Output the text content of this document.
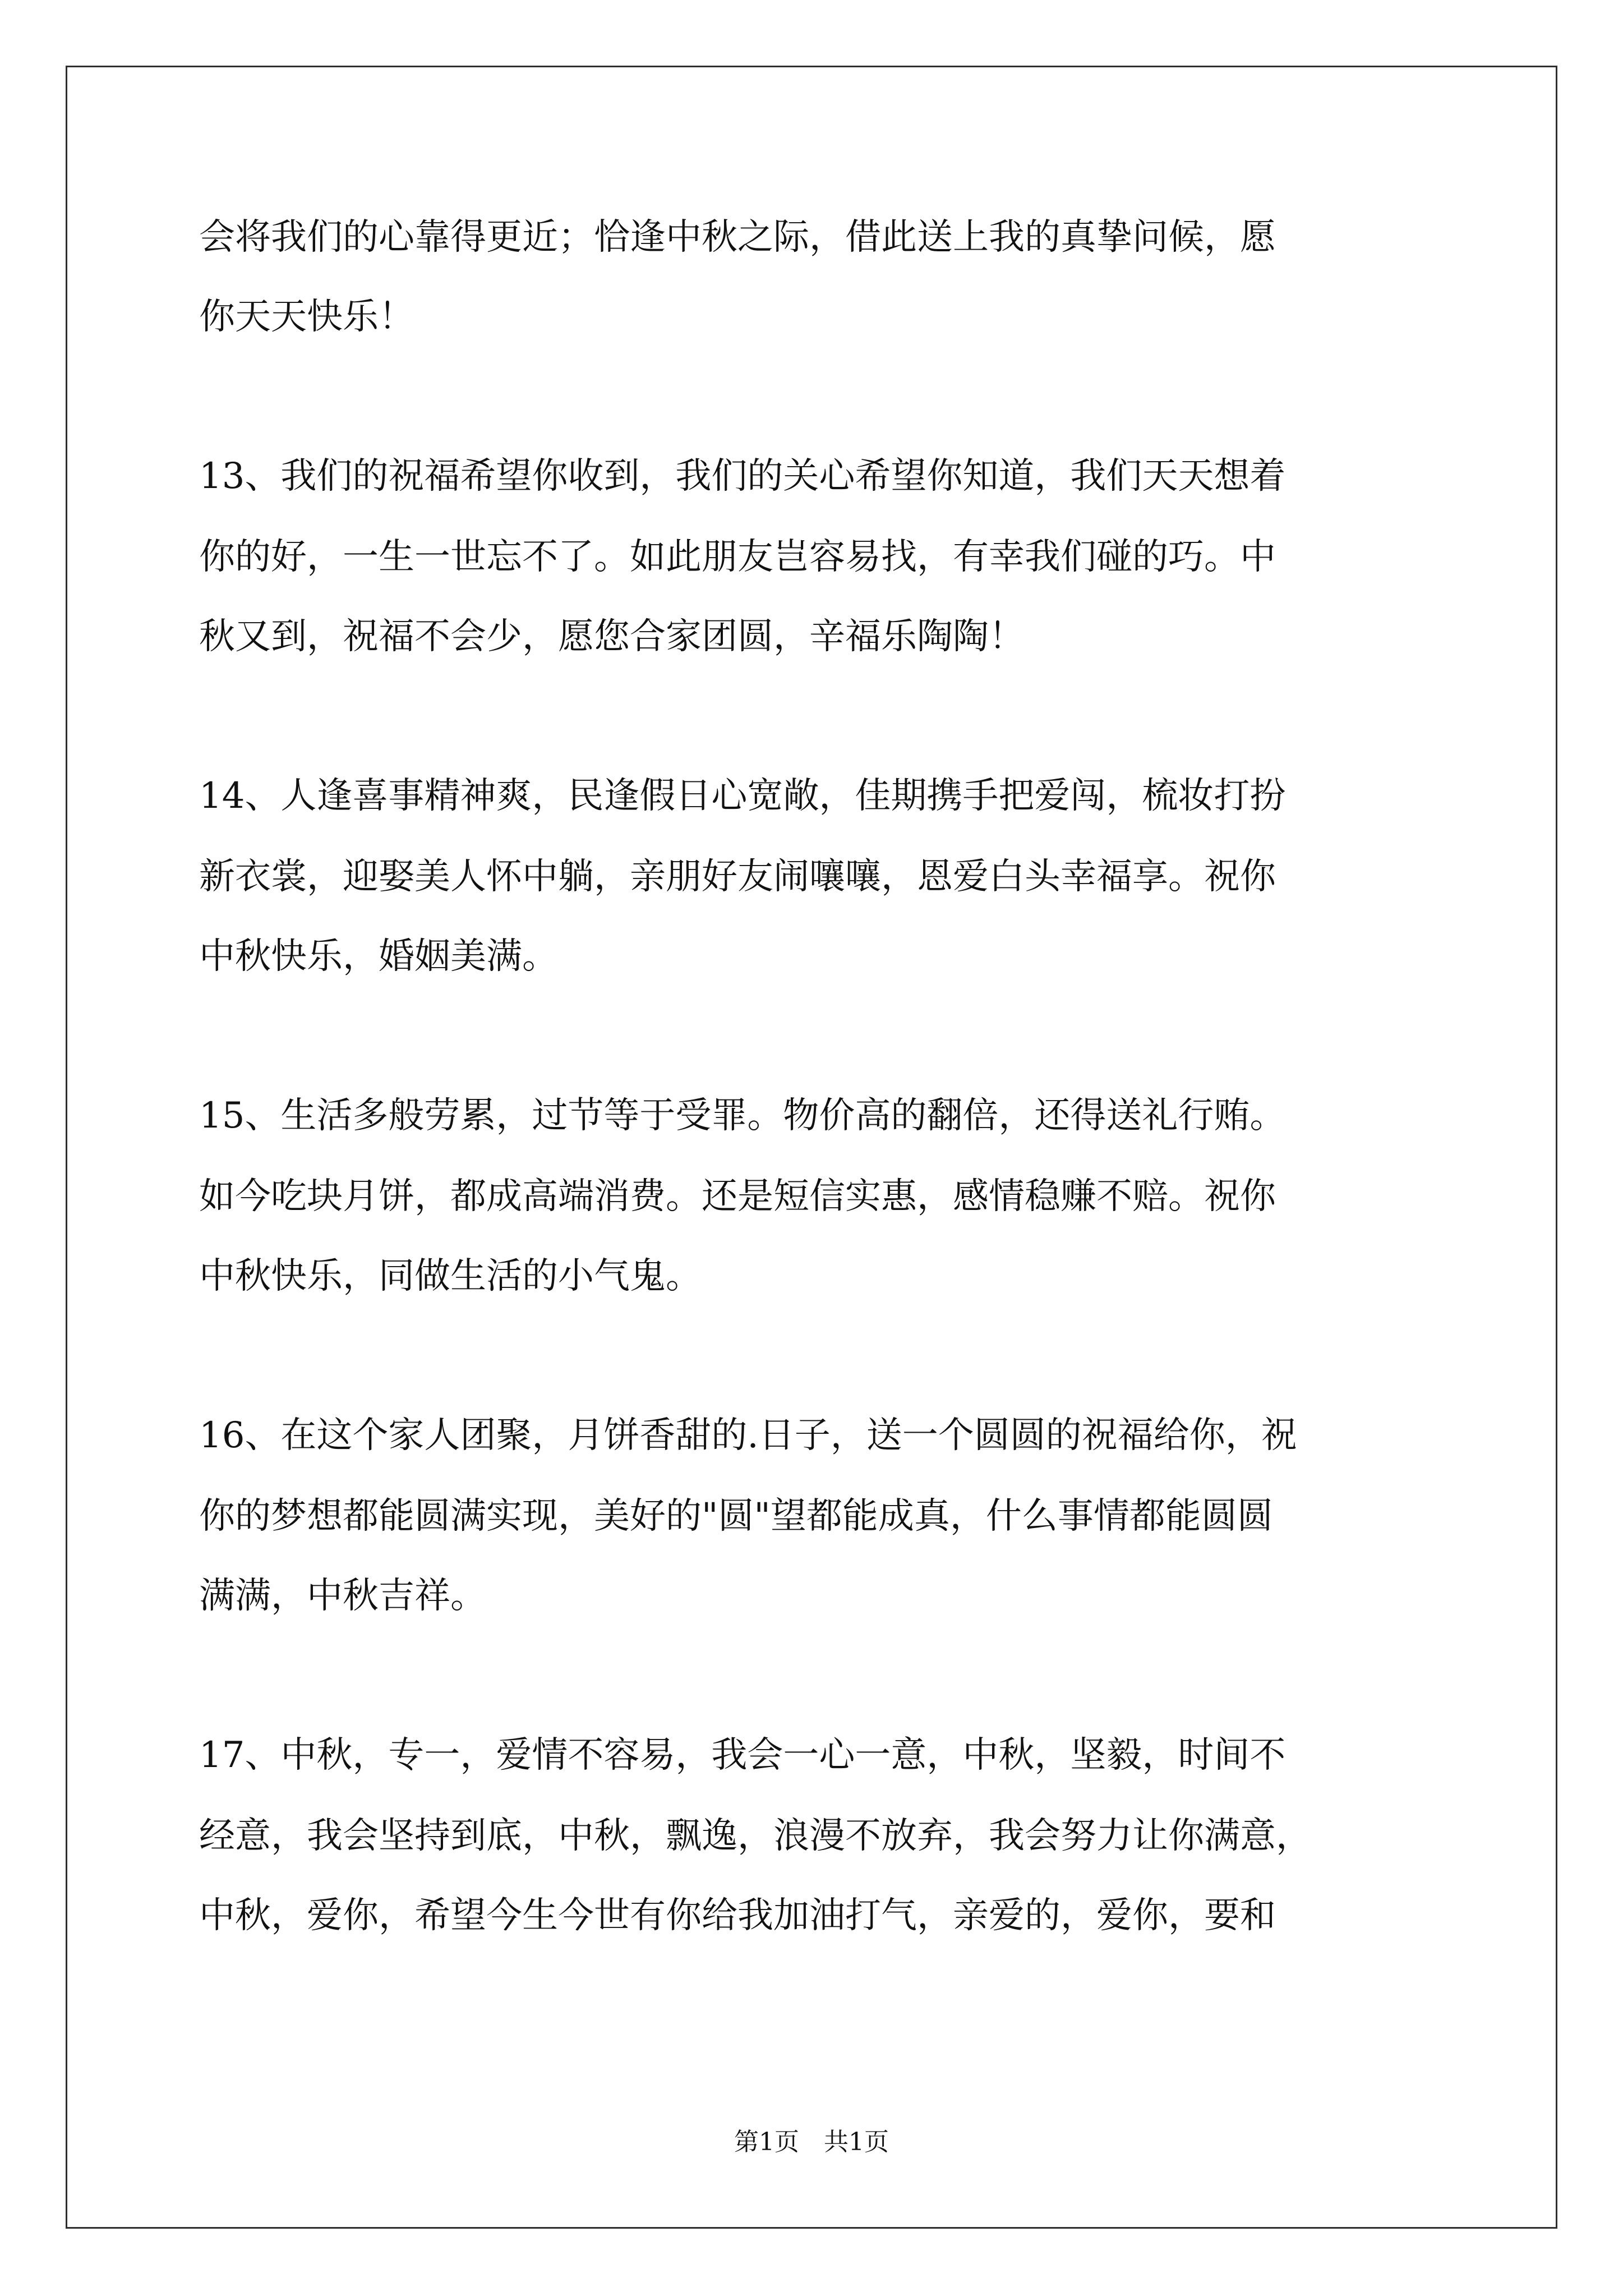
会将我们的心靠得更近；恰逢中秋之际，借此送上我的真挚问候，愿
你天天快乐！
13、我们的祝福希望你收到，我们的关心希望你知道，我们天天想着
你的好，一生一世忘不了。如此朋友岂容易找，有幸我们碰的巧。中
秋又到，祝福不会少，愿您合家团圆，辛福乐陶陶！
14、人逢喜事精神爽，民逢假日心宽敞，佳期携手把爱闯，梳妆打扮
新衣裳，迎娶美人怀中躺，亲朋好友闹嚷嚷，恩爱白头幸福享。祝你
中秋快乐，婚姻美满。
15、生活多般劳累，过节等于受罪。物价高的翻倍，还得送礼行贿。
如今吃块月饼，都成高端消费。还是短信实惠，感情稳赚不赔。祝你
中秋快乐，同做生活的小气鬼。
16、在这个家人团聚，月饼香甜的.日子，送一个圆圆的祝福给你，祝
你的梦想都能圆满实现，美好的"圆"望都能成真，什么事情都能圆圆
满满，中秋吉祥。
17、中秋，专一，爱情不容易，我会一心一意，中秋，坚毅，时间不
经意，我会坚持到底，中秋，飘逸，浪漫不放弃，我会努力让你满意，
中秋，爱你，希望今生今世有你给我加油打气，亲爱的，爱你，要和
第1页 共1页
